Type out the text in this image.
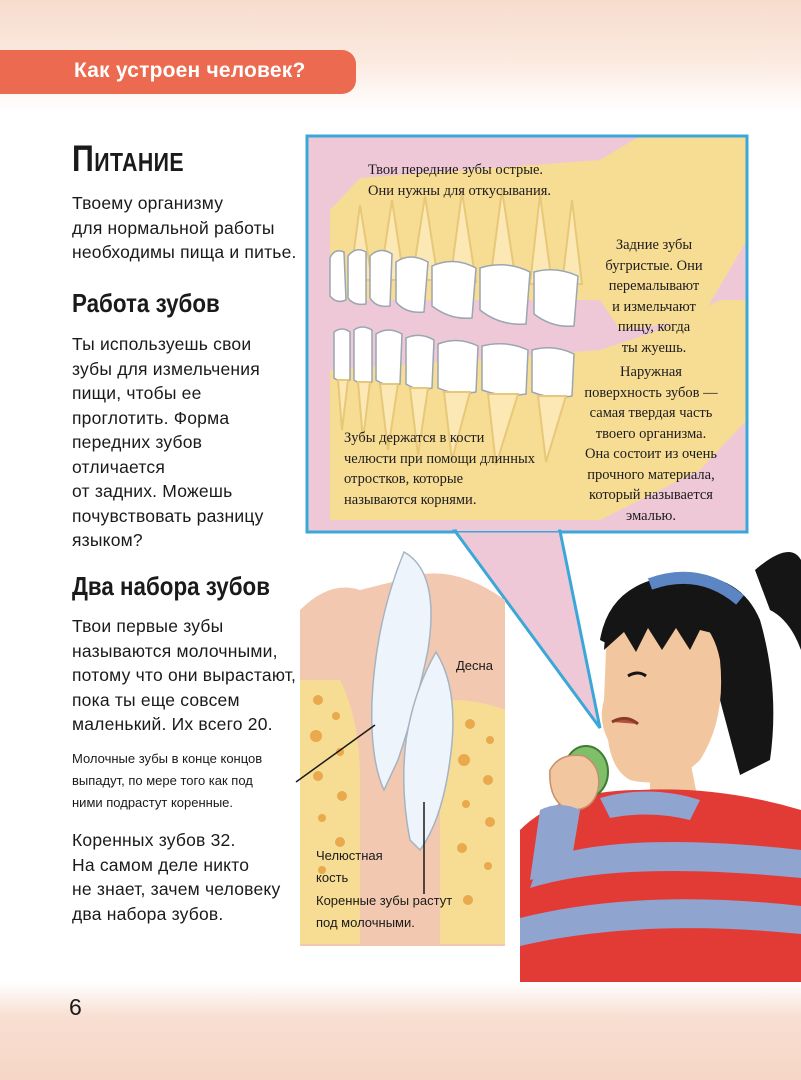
Как устроен человек?
Питание
Твоему организму
для нормальной работы
необходимы пища и питье.
Работа зубов
Ты используешь свои
зубы для измельчения
пищи, чтобы ее
проглотить. Форма
передних зубов
отличается
от задних. Можешь
почувствовать разницу
языком?
Два набора зубов
Твои первые зубы
называются молочными,
потому что они вырастают,
пока ты еще совсем
маленький. Их всего 20.
Молочные зубы в конце концов
выпадут, по мере того как под
ними подрастут коренные.
Коренных зубов 32.
На самом деле никто
не знает, зачем человеку
два набора зубов.
Твои передние зубы острые.
Они нужны для откусывания.
Задние зубы
бугристые. Они
перемалывают
и измельчают
пищу, когда
ты жуешь.
Зубы держатся в кости
челюсти при помощи длинных
отростков, которые
называются корнями.
Наружная
поверхность зубов —
самая твердая часть
твоего организма.
Она состоит из очень
прочного материала,
который называется
эмалью.
Десна
Челюстная
кость
Коренные зубы растут
под молочными.
6
